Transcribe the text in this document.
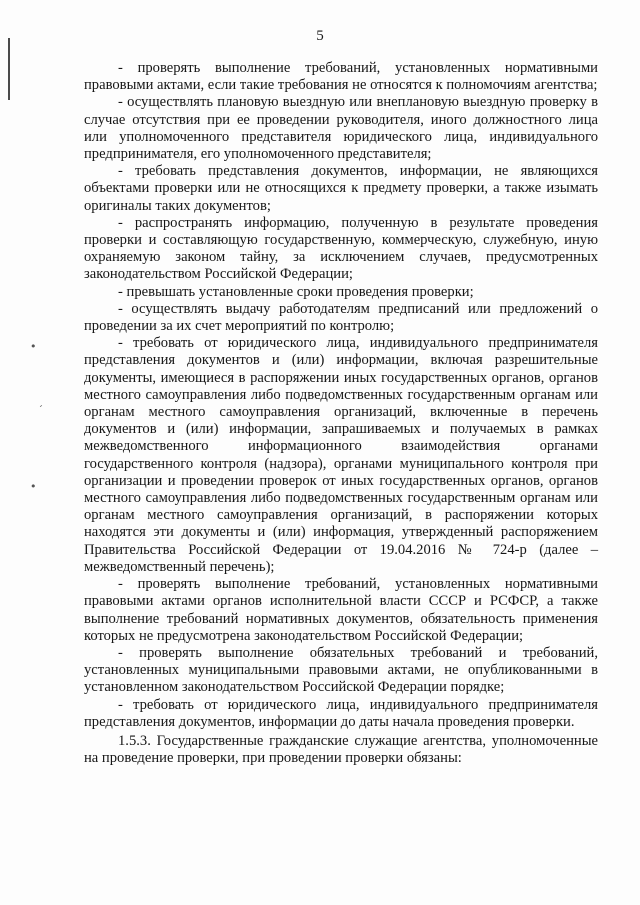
•
ˊ
•
5

- проверять выполнение требований, установленных нормативными правовыми актами, если такие требования не относятся к полномочиям агентства;

- осуществлять плановую выездную или внеплановую выездную проверку в случае отсутствия при ее проведении руководителя, иного должностного лица или уполномоченного представителя юридического лица, индивидуального предпринимателя, его уполномоченного представителя;

- требовать представления документов, информации, не являющихся объектами проверки или не относящихся к предмету проверки, а также изымать оригиналы таких документов;

- распространять информацию, полученную в результате проведения проверки и составляющую государственную, коммерческую, служебную, иную охраняемую законом тайну, за исключением случаев, предусмотренных законодательством Российской Федерации;

- превышать установленные сроки проведения проверки;

- осуществлять выдачу работодателям предписаний или предложений о проведении за их счет мероприятий по контролю;

- требовать от юридического лица, индивидуального предпринимателя представления документов и (или) информации, включая разрешительные документы, имеющиеся в распоряжении иных государственных органов, органов местного самоуправления либо подведомственных государственным органам или органам местного самоуправления организаций, включенные в перечень документов и (или) информации, запрашиваемых и получаемых в рамках межведомственного информационного взаимодействия органами государственного контроля (надзора), органами муниципального контроля при организации и проведении проверок от иных государственных органов, органов местного самоуправления либо подведомственных государственным органам или органам местного самоуправления организаций, в распоряжении которых находятся эти документы и (или) информация, утвержденный распоряжением Правительства Российской Федерации от 19.04.2016 № 724-р (далее – межведомственный перечень);

- проверять выполнение требований, установленных нормативными правовыми актами органов исполнительной власти СССР и РСФСР, а также выполнение требований нормативных документов, обязательность применения которых не предусмотрена законодательством Российской Федерации;

- проверять выполнение обязательных требований и требований, установленных муниципальными правовыми актами, не опубликованными в установленном законодательством Российской Федерации порядке;

- требовать от юридического лица, индивидуального предпринимателя представления документов, информации до даты начала проведения проверки.

1.5.3. Государственные гражданские служащие агентства, уполномоченные на проведение проверки, при проведении проверки обязаны:
